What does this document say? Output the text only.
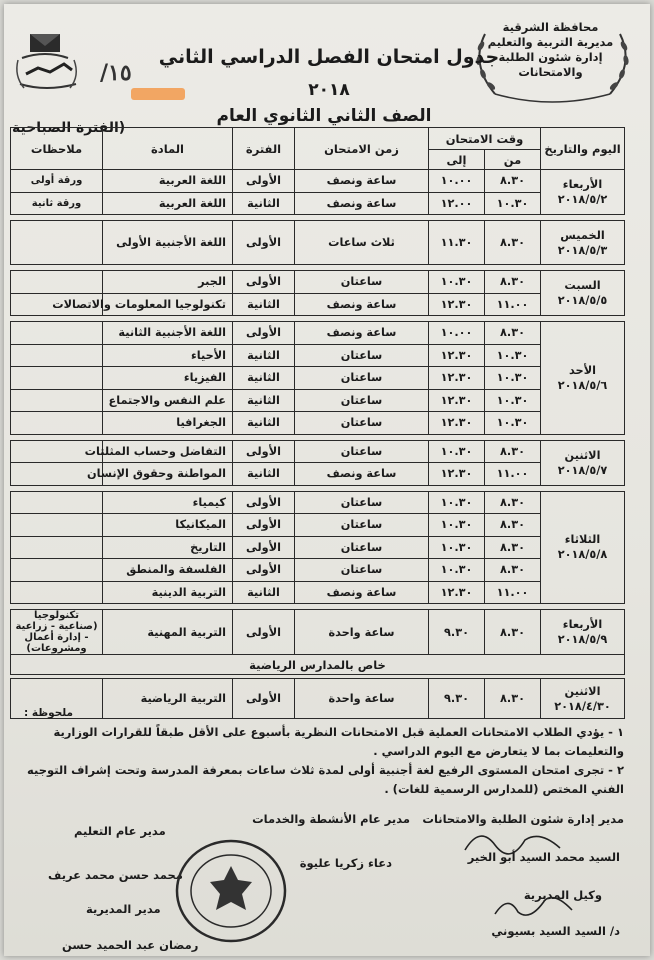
محافظة الشرقية
مديرية التربية والتعليم
إدارة شئون الطلبة والامتحانات
١٥/
جدول امتحان الفصل الدراسي الثاني
٢٠١٨
الصف الثاني الثانوي العام
(الفترة الصباحية
اليوم والتاريخ	وقت الامتحان		زمن الامتحان	الفترة	المادة	ملاحظات
	من	إلى				

الأربعاء
٢٠١٨/٥/٢	٨.٣٠	١٠.٠٠	ساعة ونصف	الأولى	اللغة العربية	ورقة أولى
	١٠.٣٠	١٢.٠٠	ساعة ونصف	الثانية	اللغة العربية	ورقة ثانية

الخميس
٢٠١٨/٥/٣	٨.٣٠	١١.٣٠	ثلاث ساعات	الأولى	اللغة الأجنبية الأولى	

السبت
٢٠١٨/٥/٥	٨.٣٠	١٠.٣٠	ساعتان	الأولى	الجبر	
	١١.٠٠	١٢.٣٠	ساعة ونصف	الثانية	تكنولوجيا المعلومات والاتصالات	

الأحد
٢٠١٨/٥/٦	٨.٣٠	١٠.٠٠	ساعة ونصف	الأولى	اللغة الأجنبية الثانية	
	١٠.٣٠	١٢.٣٠	ساعتان	الثانية	الأحياء	
	١٠.٣٠	١٢.٣٠	ساعتان	الثانية	الفيزياء	
	١٠.٣٠	١٢.٣٠	ساعتان	الثانية	علم النفس والاجتماع	
	١٠.٣٠	١٢.٣٠	ساعتان	الثانية	الجغرافيا	

الاثنين
٢٠١٨/٥/٧	٨.٣٠	١٠.٣٠	ساعتان	الأولى	التفاضل وحساب المثلثات	
	١١.٠٠	١٢.٣٠	ساعة ونصف	الثانية	المواطنة وحقوق الإنسان	

الثلاثاء
٢٠١٨/٥/٨	٨.٣٠	١٠.٣٠	ساعتان	الأولى	كيمياء	
	٨.٣٠	١٠.٣٠	ساعتان	الأولى	الميكانيكا	
	٨.٣٠	١٠.٣٠	ساعتان	الأولى	التاريخ	
	٨.٣٠	١٠.٣٠	ساعتان	الأولى	الفلسفة والمنطق	
	١١.٠٠	١٢.٣٠	ساعة ونصف	الثانية	التربية الدينية	

الأربعاء
٢٠١٨/٥/٩	٨.٣٠	٩.٣٠	ساعة واحدة	الأولى	التربية المهنية	تكنولوجيا (صناعية - زراعية - إدارة أعمال ومشروعات)
خاص بالمدارس الرياضية						

الاثنين
٢٠١٨/٤/٣٠	٨.٣٠	٩.٣٠	ساعة واحدة	الأولى	التربية الرياضية	

ملحوظة :

١ - يؤدي الطلاب الامتحانات العملية قبل الامتحانات النظرية بأسبوع على الأقل طبقاً للقرارات الوزارية والتعليمات بما لا يتعارض مع اليوم الدراسي .

٢ - تجرى امتحان المستوى الرفيع لغة أجنبية أولى لمدة ثلاث ساعات بمعرفة المدرسة وتحت إشراف التوجيه الفني المختص (للمدارس الرسمية للغات) .

مدير إدارة شئون الطلبة والامتحانات
السيد محمد السيد أبو الخير
مدير عام الأنشطة والخدمات
دعاء زكريا عليوة
مدير عام التعليم
محمد حسن محمد عريف
وكيل المديرية
د/ السيد السيد بسيوني
مدير المديرية
رمضان عبد الحميد حسن
